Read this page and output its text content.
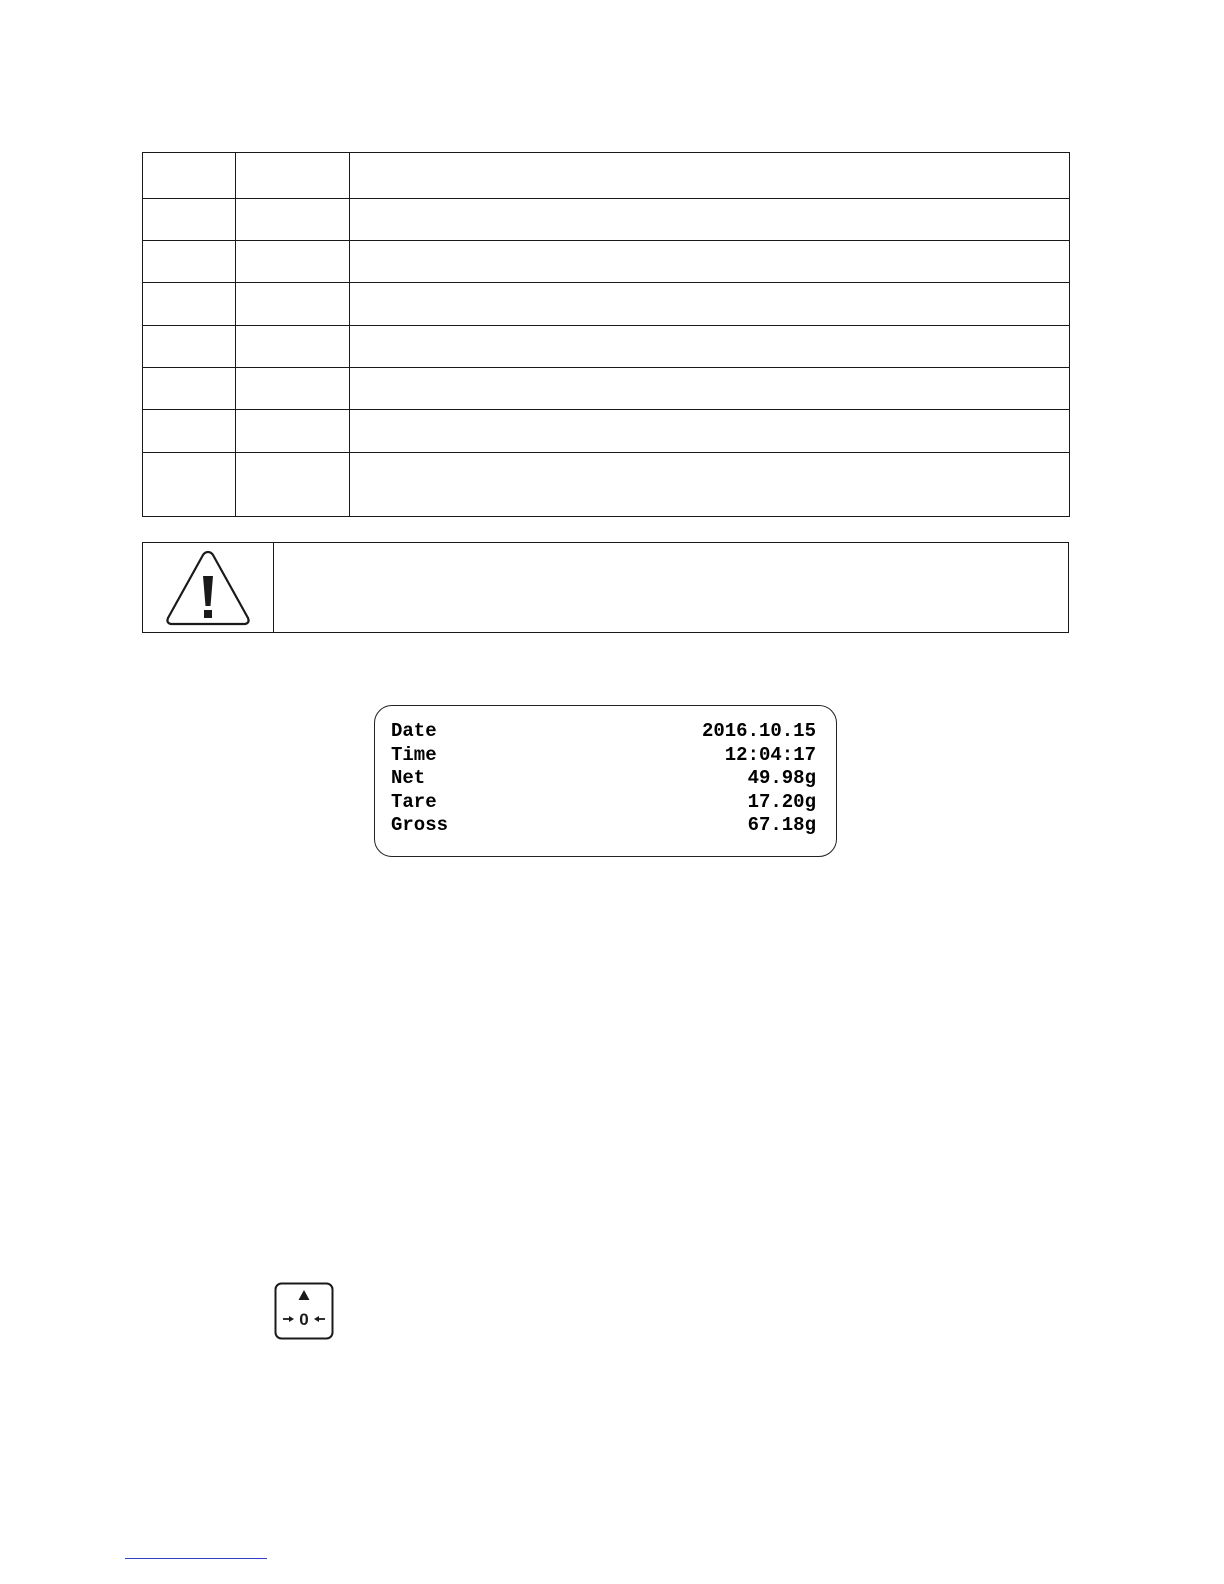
Date	2016.10.15
Time	12:04:17
Net	49.98g
Tare	17.20g
Gross	67.18g
0
